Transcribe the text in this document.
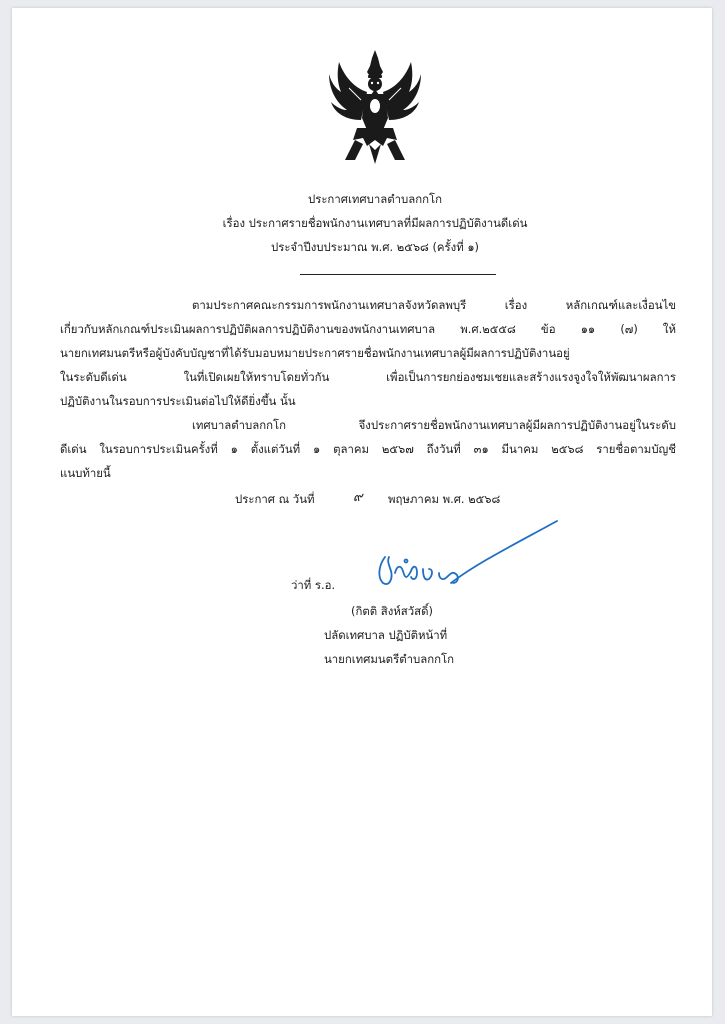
ประกาศเทศบาลตำบลกกโก
เรื่อง ประกาศรายชื่อพนักงานเทศบาลที่มีผลการปฏิบัติงานดีเด่น
ประจำปีงบประมาณ พ.ศ. ๒๕๖๘ (ครั้งที่ ๑)
ตามประกาศคณะกรรมการพนักงานเทศบาลจังหวัดลพบุรี เรื่อง หลักเกณฑ์และเงื่อนไข
เกี่ยวกับหลักเกณฑ์ประเมินผลการปฏิบัติผลการปฏิบัติงานของพนักงานเทศบาล พ.ศ.๒๕๕๘ ข้อ ๑๑ (๗) ให้
นายกเทศมนตรีหรือผู้บังคับบัญชาที่ได้รับมอบหมายประกาศรายชื่อพนักงานเทศบาลผู้มีผลการปฏิบัติงานอยู่
ในระดับดีเด่น ในที่เปิดเผยให้ทราบโดยทั่วกัน เพื่อเป็นการยกย่องชมเชยและสร้างแรงจูงใจให้พัฒนาผลการ
ปฏิบัติงานในรอบการประเมินต่อไปให้ดียิ่งขึ้น นั้น
เทศบาลตำบลกกโก จึงประกาศรายชื่อพนักงานเทศบาลผู้มีผลการปฏิบัติงานอยู่ในระดับ
ดีเด่น ในรอบการประเมินครั้งที่ ๑ ตั้งแต่วันที่ ๑ ตุลาคม ๒๕๖๗ ถึงวันที่ ๓๑ มีนาคม ๒๕๖๘ รายชื่อตามบัญชี
แนบท้ายนี้
ประกาศ ณ วันที่	๙ พฤษภาคม พ.ศ. ๒๕๖๘
ว่าที่ ร.อ.
(กิตติ สิงห์สวัสดิ์)
ปลัดเทศบาล ปฏิบัติหน้าที่
นายกเทศมนตรีตำบลกกโก
